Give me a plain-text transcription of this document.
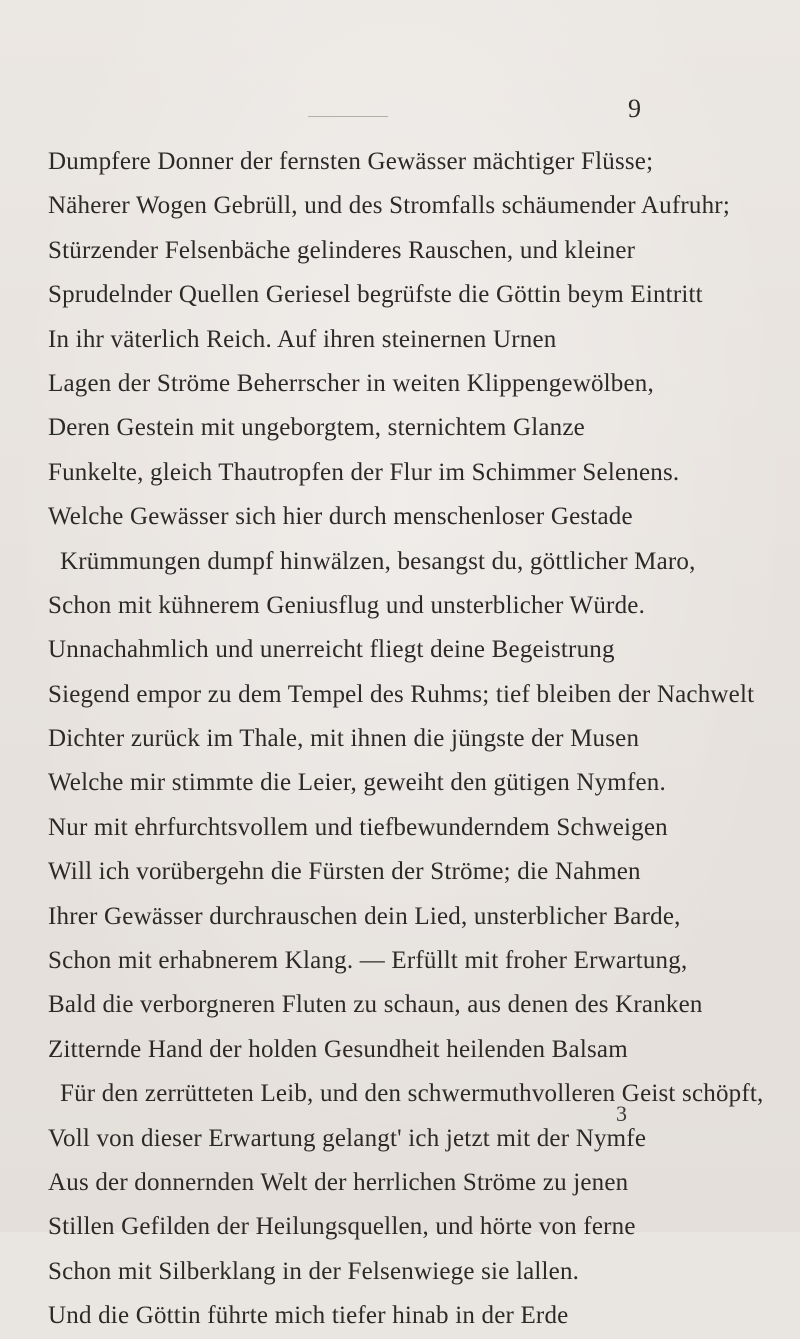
9
Dumpfere Donner der fernsten Gewässer mächtiger Flüsse;
Näherer Wogen Gebrüll, und des Stromfalls schäumender Aufruhr;
Stürzender Felsenbäche gelinderes Rauschen, und kleiner
Sprudelnder Quellen Geriesel begrüfste die Göttin beym Eintritt
In ihr väterlich Reich. Auf ihren steinernen Urnen
Lagen der Ströme Beherrscher in weiten Klippengewölben,
Deren Gestein mit ungeborgtem, sternichtem Glanze
Funkelte, gleich Thautropfen der Flur im Schimmer Selenens.
Welche Gewässer sich hier durch menschenloser Gestade
Krümmungen dumpf hinwälzen, besangst du, göttlicher Maro,
Schon mit kühnerem Geniusflug und unsterblicher Würde.
Unnachahmlich und unerreicht fliegt deine Begeistrung
Siegend empor zu dem Tempel des Ruhms; tief bleiben der Nachwelt
Dichter zurück im Thale, mit ihnen die jüngste der Musen
Welche mir stimmte die Leier, geweiht den gütigen Nymfen.
Nur mit ehrfurchtsvollem und tiefbewunderndem Schweigen
Will ich vorübergehn die Fürsten der Ströme; die Nahmen
Ihrer Gewässer durchrauschen dein Lied, unsterblicher Barde,
Schon mit erhabnerem Klang. — Erfüllt mit froher Erwartung,
Bald die verborgneren Fluten zu schaun, aus denen des Kranken
Zitternde Hand der holden Gesundheit heilenden Balsam
Für den zerrütteten Leib, und den schwermuthvolleren Geist schöpft,
Voll von dieser Erwartung gelangt' ich jetzt mit der Nymfe
Aus der donnernden Welt der herrlichen Ströme zu jenen
Stillen Gefilden der Heilungsquellen, und hörte von ferne
Schon mit Silberklang in der Felsenwiege sie lallen.
Und die Göttin führte mich tiefer hinab in der Erde
3
